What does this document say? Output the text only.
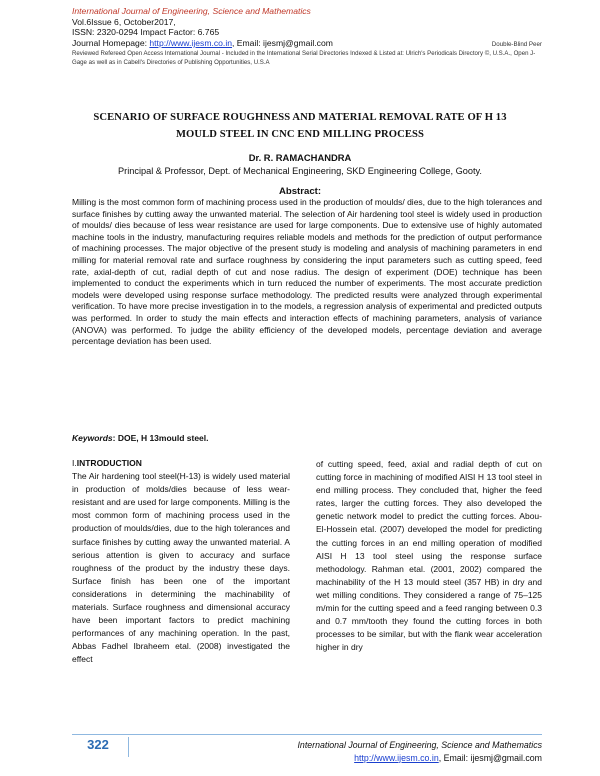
International Journal of Engineering, Science and Mathematics
Vol.6Issue 6, October2017,
ISSN: 2320-0294 Impact Factor: 6.765
Journal Homepage: http://www.ijesm.co.in, Email: ijesmj@gmail.com	Double-Blind Peer
Reviewed Refereed Open Access International Journal - Included in the International Serial Directories Indexed & Listed at: Ulrich's Periodicals Directory ©, U.S.A., Open J-Gage as well as in Cabell's Directories of Publishing Opportunities, U.S.A
SCENARIO OF SURFACE ROUGHNESS AND MATERIAL REMOVAL RATE OF H 13 MOULD STEEL IN CNC END MILLING PROCESS
Dr. R. RAMACHANDRA
Principal & Professor, Dept. of Mechanical Engineering, SKD Engineering College, Gooty.
Abstract:
Milling is the most common form of machining process used in the production of moulds/ dies, due to the high tolerances and surface finishes by cutting away the unwanted material. The selection of Air hardening tool steel is widely used in production of moulds/ dies because of less wear resistance are used for large components. Due to extensive use of highly automated machine tools in the industry, manufacturing requires reliable models and methods for the prediction of output performance of machining processes. The major objective of the present study is modeling and analysis of machining parameters in end milling for material removal rate and surface roughness by considering the input parameters such as cutting speed, feed rate, axial-depth of cut, radial depth of cut and nose radius. The design of experiment (DOE) technique has been implemented to conduct the experiments which in turn reduced the number of experiments. The most accurate prediction models were developed using response surface methodology. The predicted results were analyzed through experimental verification. To have more precise investigation in to the models, a regression analysis of experimental and predicted outputs was performed. In order to study the main effects and interaction effects of machining parameters, analysis of variance (ANOVA) was performed. To judge the ability efficiency of the developed models, percentage deviation and average percentage deviation has been used.
Keywords: DOE, H 13mould steel.
I.INTRODUCTION
The Air hardening tool steel(H-13) is widely used material in production of molds/dies because of less wear-resistant and are used for large components. Milling is the most common form of machining process used in the production of moulds/dies, due to the high tolerances and surface finishes by cutting away the unwanted material. A serious attention is given to accuracy and surface roughness of the product by the industry these days. Surface finish has been one of the important considerations in determining the machinability of materials. Surface roughness and dimensional accuracy have been important factors to predict machining performances of any machining operation. In the past, Abbas Fadhel Ibraheem etal. (2008) investigated the effect
of cutting speed, feed, axial and radial depth of cut on cutting force in machining of modified AISI H 13 tool steel in end milling process. They concluded that, higher the feed rates, larger the cutting forces. They also developed the genetic network model to predict the cutting forces. Abou-El-Hossein etal. (2007) developed the model for predicting the cutting forces in an end milling operation of modified AISI H 13 tool steel using the response surface methodology. Rahman etal. (2001, 2002) compared the machinability of the H 13 mould steel (357 HB) in dry and wet milling conditions. They considered a range of 75–125 m/min for the cutting speed and a feed ranging between 0.3 and 0.7 mm/tooth they found the cutting forces in both processes to be similar, but with the flank wear acceleration higher in dry
322	International Journal of Engineering, Science and Mathematics
http://www.ijesm.co.in, Email: ijesmj@gmail.com
